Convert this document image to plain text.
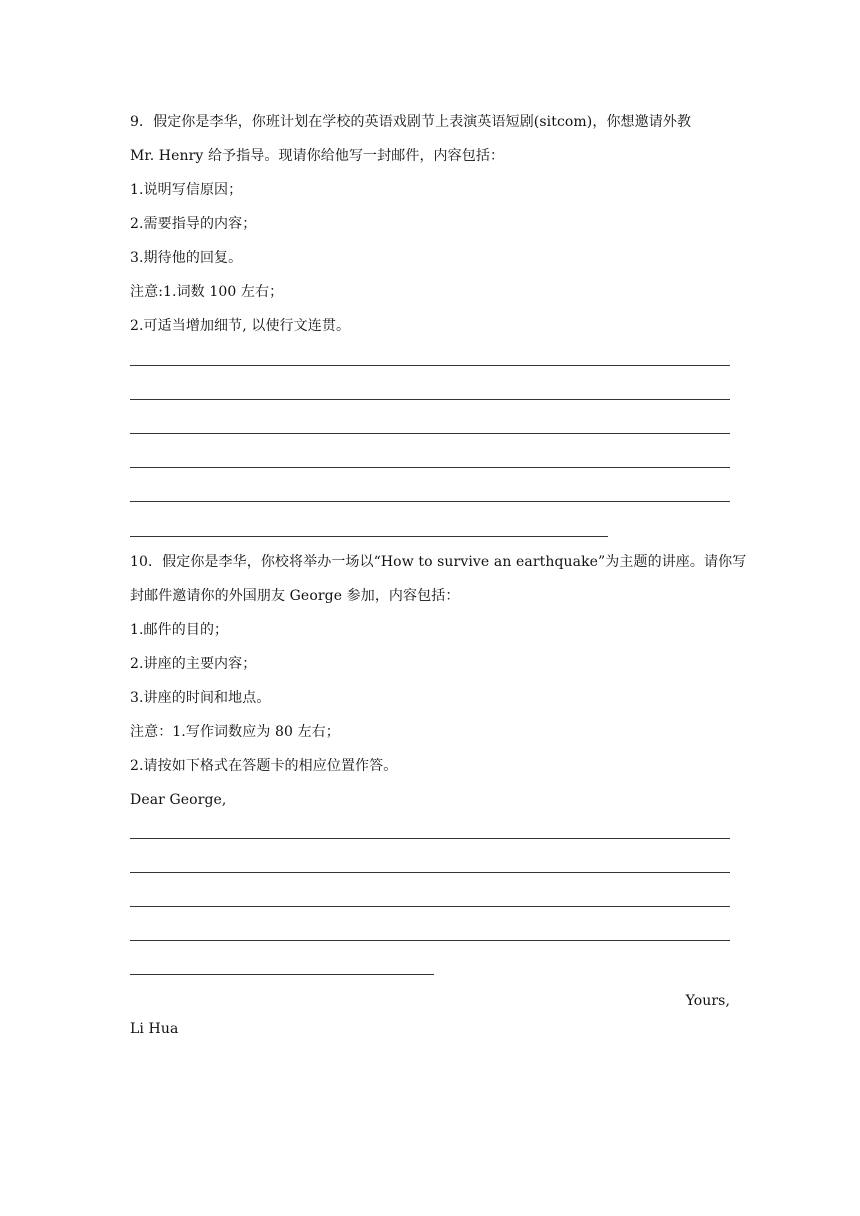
9．假定你是李华，你班计划在学校的英语戏剧节上表演英语短剧(sitcom)，你想邀请外教
Mr. Henry 给予指导。现请你给他写一封邮件，内容包括：
1.说明写信原因；
2.需要指导的内容；
3.期待他的回复。
注意:1.词数 100 左右；
2.可适当增加细节, 以使行文连贯。
10．假定你是李华，你校将举办一场以“How to survive an earthquake”为主题的讲座。请你写
封邮件邀请你的外国朋友 George 参加，内容包括：
1.邮件的目的；
2.讲座的主要内容；
3.讲座的时间和地点。
注意：1.写作词数应为 80 左右；
2.请按如下格式在答题卡的相应位置作答。
Dear George,
Yours,
Li Hua
